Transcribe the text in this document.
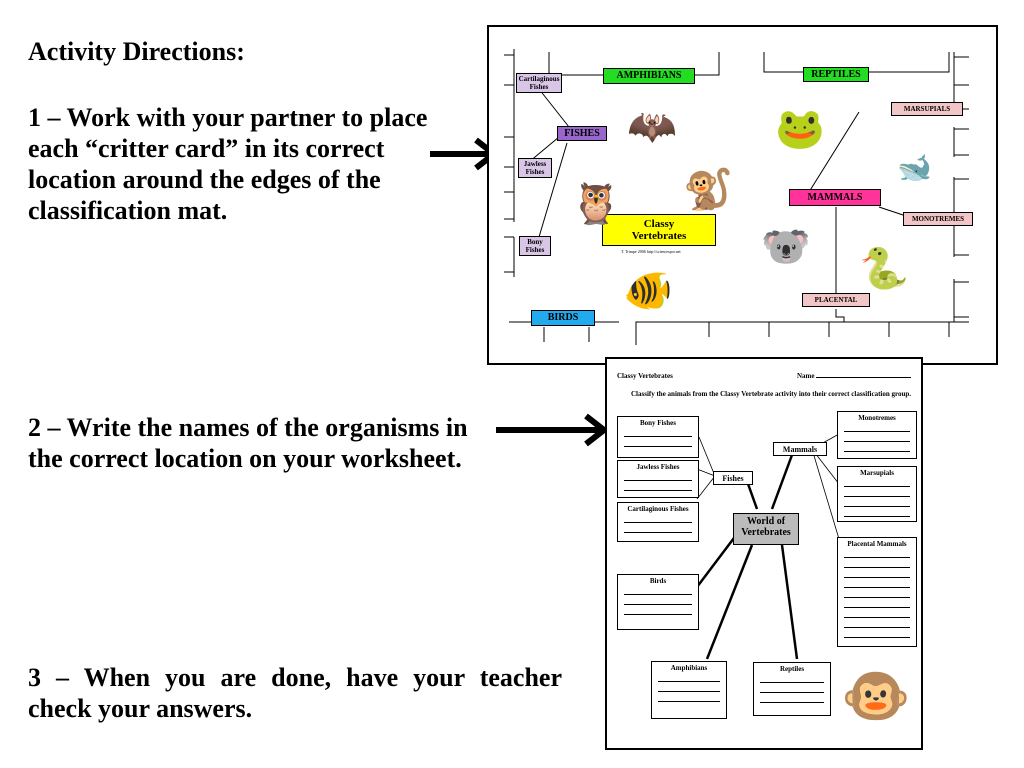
Activity Directions:
1 – Work with your partner to place each “critter card” in its correct location around the edges of the classification mat.
2 – Write the names of the organisms in the correct location on your worksheet.
3 – When you are done, have your teacher check your answers.
AMPHIBIANS	REPTILES
Cartilaginous Fishes
FISHES
Jawless Fishes
Bony Fishes
MARSUPIALS
MAMMALS
MONOTREMES
PLACENTAL
BIRDS
Classy
Vertebrates
T. Trimpe 2006 http://sciencespot.net
🦇 🐸
🐋
🐒
🦉
🐨 🐍
🐠
Classy Vertebrates	Name
Classify the animals from the Classy Vertebrate activity into their correct classification group.
Fishes
Mammals
World of
Vertebrates
Bony Fishes
Jawless Fishes
Cartilaginous Fishes
Birds
Amphibians	Reptiles
Monotremes
Marsupials
Placental Mammals
🐵
